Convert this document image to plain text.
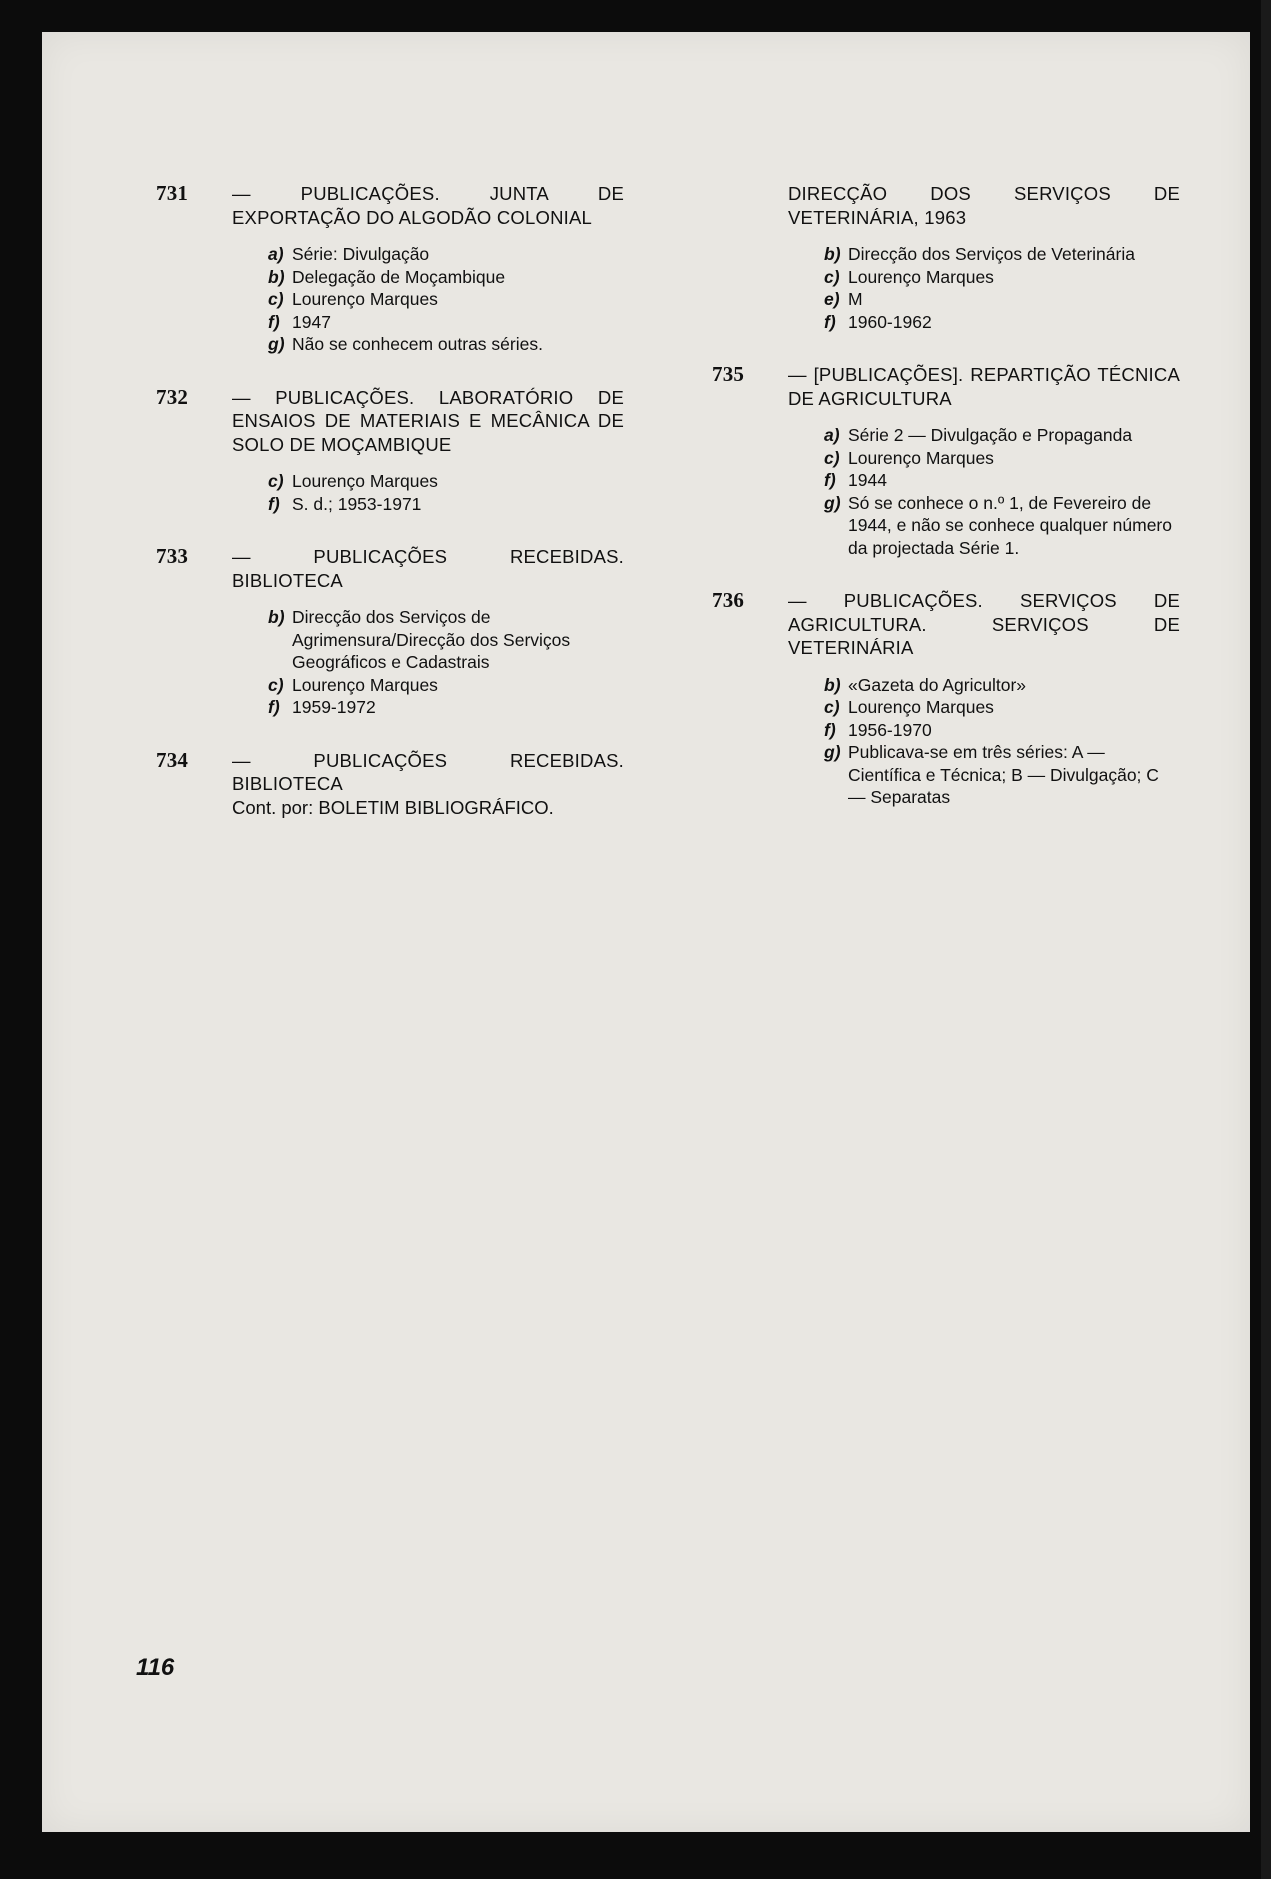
731	— PUBLICAÇÕES. JUNTA DE EXPORTAÇÃO DO ALGODÃO COLONIAL
a) Série: Divulgação
b) Delegação de Moçambique
c) Lourenço Marques
f) 1947
g) Não se conhecem outras séries.
732	— PUBLICAÇÕES. LABORATÓRIO DE ENSAIOS DE MATERIAIS E MECÂNICA DE SOLO DE MOÇAMBIQUE
c) Lourenço Marques
f) S. d.; 1953-1971
733	— PUBLICAÇÕES RECEBIDAS. BIBLIOTECA
b) Direcção dos Serviços de Agrimensura/Direcção dos Serviços Geográficos e Cadastrais
c) Lourenço Marques
f) 1959-1972
734	— PUBLICAÇÕES RECEBIDAS. BIBLIOTECA
Cont. por: BOLETIM BIBLIOGRÁFICO.
DIRECÇÃO DOS SERVIÇOS DE VETERINÁRIA, 1963
b) Direcção dos Serviços de Veterinária
c) Lourenço Marques
e) M
f) 1960-1962
735	— [PUBLICAÇÕES]. REPARTIÇÃO TÉCNICA DE AGRICULTURA
a) Série 2 — Divulgação e Propaganda
c) Lourenço Marques
f) 1944
g) Só se conhece o n.º 1, de Fevereiro de 1944, e não se conhece qualquer número da projectada Série 1.
736	— PUBLICAÇÕES. SERVIÇOS DE AGRICULTURA. SERVIÇOS DE VETERINÁRIA
b) «Gazeta do Agricultor»
c) Lourenço Marques
f) 1956-1970
g) Publicava-se em três séries: A — Científica e Técnica; B — Divulgação; C — Separatas
116
